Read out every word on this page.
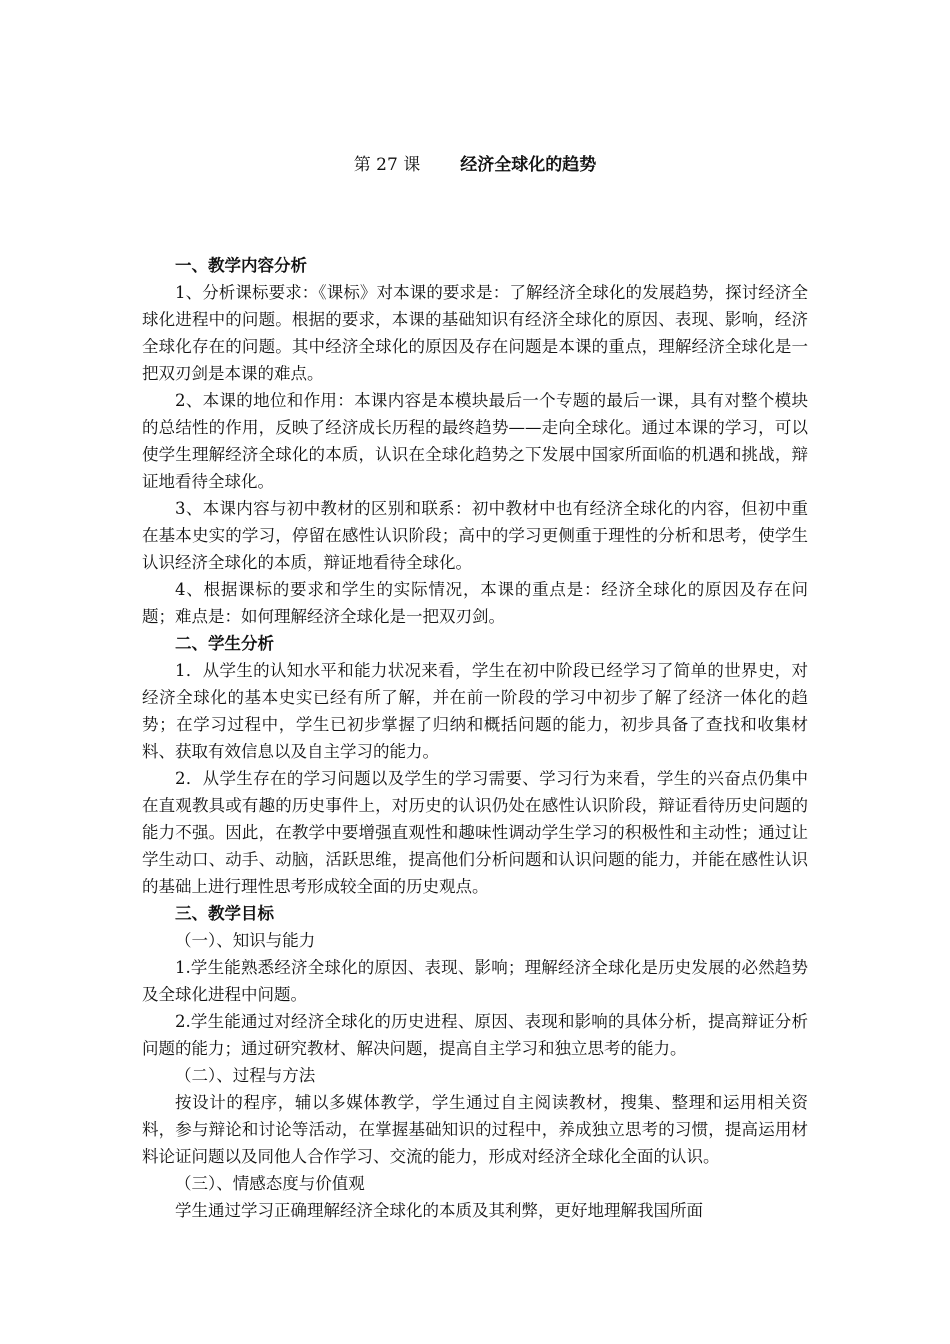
第 27 课 经济全球化的趋势

一、教学内容分析

1、分析课标要求：《课标》对本课的要求是：了解经济全球化的发展趋势，探讨经济全球化进程中的问题。根据的要求，本课的基础知识有经济全球化的原因、表现、影响，经济全球化存在的问题。其中经济全球化的原因及存在问题是本课的重点，理解经济全球化是一把双刃剑是本课的难点。

2、本课的地位和作用：本课内容是本模块最后一个专题的最后一课，具有对整个模块的总结性的作用，反映了经济成长历程的最终趋势——走向全球化。通过本课的学习，可以使学生理解经济全球化的本质，认识在全球化趋势之下发展中国家所面临的机遇和挑战，辩证地看待全球化。

3、本课内容与初中教材的区别和联系：初中教材中也有经济全球化的内容，但初中重在基本史实的学习，停留在感性认识阶段；高中的学习更侧重于理性的分析和思考，使学生认识经济全球化的本质，辩证地看待全球化。

4、根据课标的要求和学生的实际情况，本课的重点是：经济全球化的原因及存在问题；难点是：如何理解经济全球化是一把双刃剑。

二、学生分析

1．从学生的认知水平和能力状况来看，学生在初中阶段已经学习了简单的世界史，对经济全球化的基本史实已经有所了解，并在前一阶段的学习中初步了解了经济一体化的趋势；在学习过程中，学生已初步掌握了归纳和概括问题的能力，初步具备了查找和收集材料、获取有效信息以及自主学习的能力。

2．从学生存在的学习问题以及学生的学习需要、学习行为来看，学生的兴奋点仍集中在直观教具或有趣的历史事件上，对历史的认识仍处在感性认识阶段，辩证看待历史问题的能力不强。因此，在教学中要增强直观性和趣味性调动学生学习的积极性和主动性；通过让学生动口、动手、动脑，活跃思维，提高他们分析问题和认识问题的能力，并能在感性认识的基础上进行理性思考形成较全面的历史观点。

三、教学目标

（一）、知识与能力

1.学生能熟悉经济全球化的原因、表现、影响；理解经济全球化是历史发展的必然趋势及全球化进程中问题。

2.学生能通过对经济全球化的历史进程、原因、表现和影响的具体分析，提高辩证分析问题的能力；通过研究教材、解决问题，提高自主学习和独立思考的能力。

（二）、过程与方法

按设计的程序，辅以多媒体教学，学生通过自主阅读教材，搜集、整理和运用相关资料，参与辩论和讨论等活动，在掌握基础知识的过程中，养成独立思考的习惯，提高运用材料论证问题以及同他人合作学习、交流的能力，形成对经济全球化全面的认识。

（三）、情感态度与价值观

学生通过学习正确理解经济全球化的本质及其利弊，更好地理解我国所面
